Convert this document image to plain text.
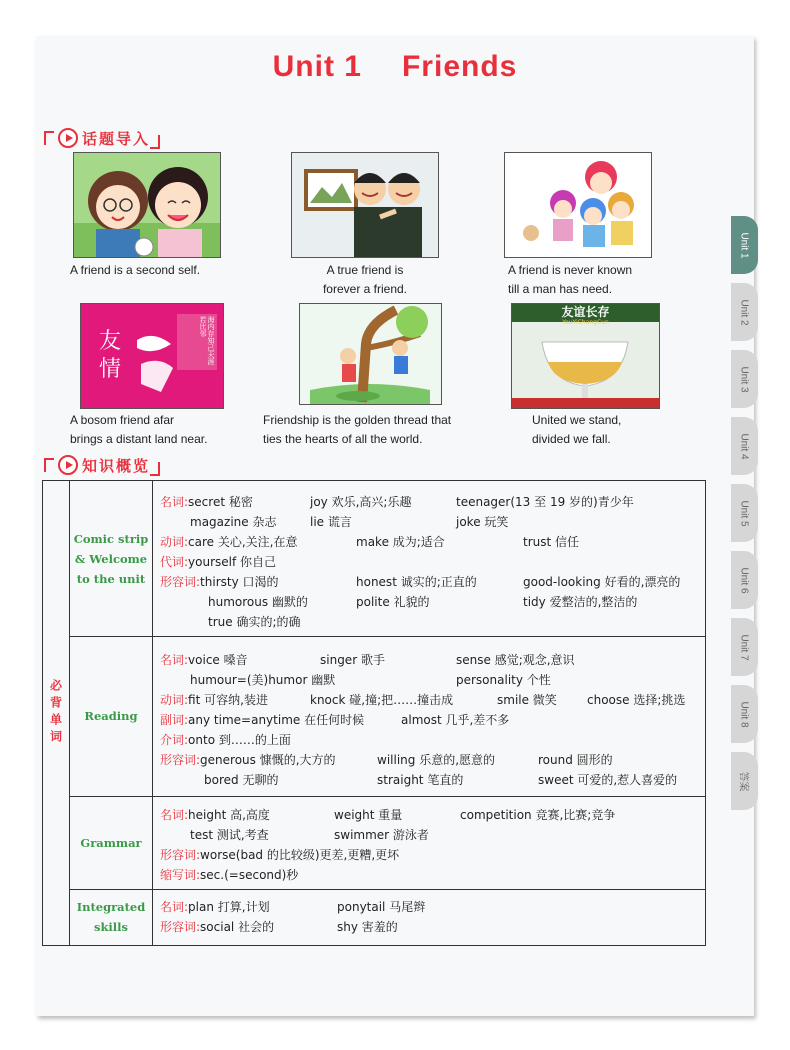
Unit 1 Friends
话题导入
A friend is a second self.	A true friend is
forever a friend.
A friend is never known
till a man has need.
友情
海内存知己天涯若比邻
A bosom friend afar
brings a distant land near.
Friendship is the golden thread that
ties the hearts of all the world.
友谊长存
YouYiChangCun
United we stand,
divided we fall.
知识概览
Unit 1
Unit 2
Unit 3
Unit 4
Unit 5
Unit 6
Unit 7
Unit 8
答案
必背单词
Comic strip
& Welcome
to the unit
名词:secret 秘密	joy 欢乐,高兴;乐趣	teenager(13 至 19 岁的)青少年
magazine 杂志	lie 谎言	joke 玩笑
动词:care 关心,关注,在意	make 成为;适合	trust 信任
代词:yourself 你自己
形容词:thirsty 口渴的	honest 诚实的;正直的	good-looking 好看的,漂亮的
humorous 幽默的	polite 礼貌的	tidy 爱整洁的,整洁的
true 确实的;的确
Reading
名词:voice 嗓音	singer 歌手	sense 感觉;观念,意识
humour=(美)humor 幽默	personality 个性
动词:fit 可容纳,装进	knock 碰,撞;把……撞击成	smile 微笑	choose 选择;挑选
副词:any time=anytime 在任何时候	almost 几乎,差不多
介词:onto 到……的上面
形容词:generous 慷慨的,大方的	willing 乐意的,愿意的	round 圆形的
bored 无聊的	straight 笔直的	sweet 可爱的,惹人喜爱的
Grammar
名词:height 高,高度	weight 重量	competition 竞赛,比赛;竞争
test 测试,考查	swimmer 游泳者
形容词:worse(bad 的比较级)更差,更糟,更坏
缩写词:sec.(=second)秒
Integrated
skills
名词:plan 打算,计划	ponytail 马尾辫
形容词:social 社会的	shy 害羞的
